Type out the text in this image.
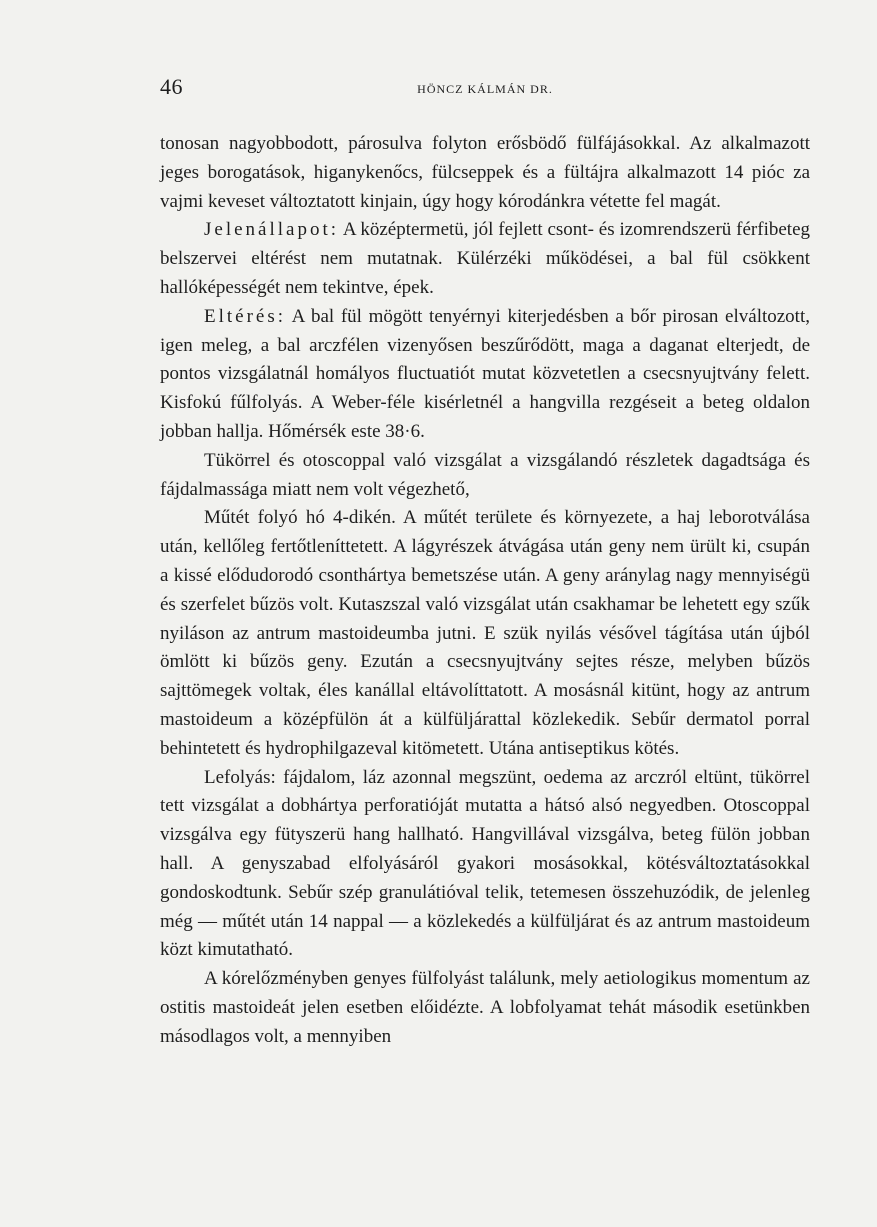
46	HÖNCZ KÁLMÁN DR.

tonosan nagyobbodott, párosulva folyton erősbödő fülfájásokkal. Az alkalmazott jeges borogatások, higanykenőcs, fülcseppek és a fültájra alkalmazott 14 pióc za vajmi keveset változtatott kinjain, úgy hogy kórodánkra vétette fel magát.

Jelenállapot: A középtermetü, jól fejlett csont- és izomrendszerü férfibeteg belszervei eltérést nem mutatnak. Külérzéki működései, a bal fül csökkent hallóképességét nem tekintve, épek.

Eltérés: A bal fül mögött tenyérnyi kiterjedésben a bőr pirosan elváltozott, igen meleg, a bal arczfélen vizenyősen beszűrődött, maga a daganat elterjedt, de pontos vizsgálatnál homályos fluctuatiót mutat közvetetlen a csecsnyujtvány felett. Kisfokú fűlfolyás. A Weber-féle kisérletnél a hangvilla rezgéseit a beteg oldalon jobban hallja. Hőmérsék este 38·6.

Tükörrel és otoscoppal való vizsgálat a vizsgálandó részletek dagadtsága és fájdalmassága miatt nem volt végezhető,

Műtét folyó hó 4-dikén. A műtét területe és környezete, a haj leborotválása után, kellőleg fertőtleníttetett. A lágyrészek átvágása után geny nem ürült ki, csupán a kissé elődudorodó csonthártya bemetszése után. A geny aránylag nagy mennyiségü és szerfelet bűzös volt. Kutaszszal való vizsgálat után csakhamar be lehetett egy szűk nyiláson az antrum mastoideumba jutni. E szük nyilás vésővel tágítása után újból ömlött ki bűzös geny. Ezután a csecsnyujtvány sejtes része, melyben bűzös sajttömegek voltak, éles kanállal eltávolíttatott. A mosásnál kitünt, hogy az antrum mastoideum a középfülön át a külfüljárattal közlekedik. Sebűr dermatol porral behintetett és hydrophilgazeval kitömetett. Utána antiseptikus kötés.

Lefolyás: fájdalom, láz azonnal megszünt, oedema az arczról eltünt, tükörrel tett vizsgálat a dobhártya perforatióját mutatta a hátsó alsó negyedben. Otoscoppal vizsgálva egy fütyszerü hang hallható. Hangvillával vizsgálva, beteg fülön jobban hall. A genyszabad elfolyásáról gyakori mosásokkal, kötésváltoztatásokkal gondoskodtunk. Sebűr szép granulátióval telik, tetemesen összehuzódik, de jelenleg még — műtét után 14 nappal — a közlekedés a külfüljárat és az antrum mastoideum közt kimutatható.

A kórelőzményben genyes fülfolyást találunk, mely aetiologikus momentum az ostitis mastoideát jelen esetben előidézte. A lobfolyamat tehát második esetünkben másodlagos volt, a mennyiben
